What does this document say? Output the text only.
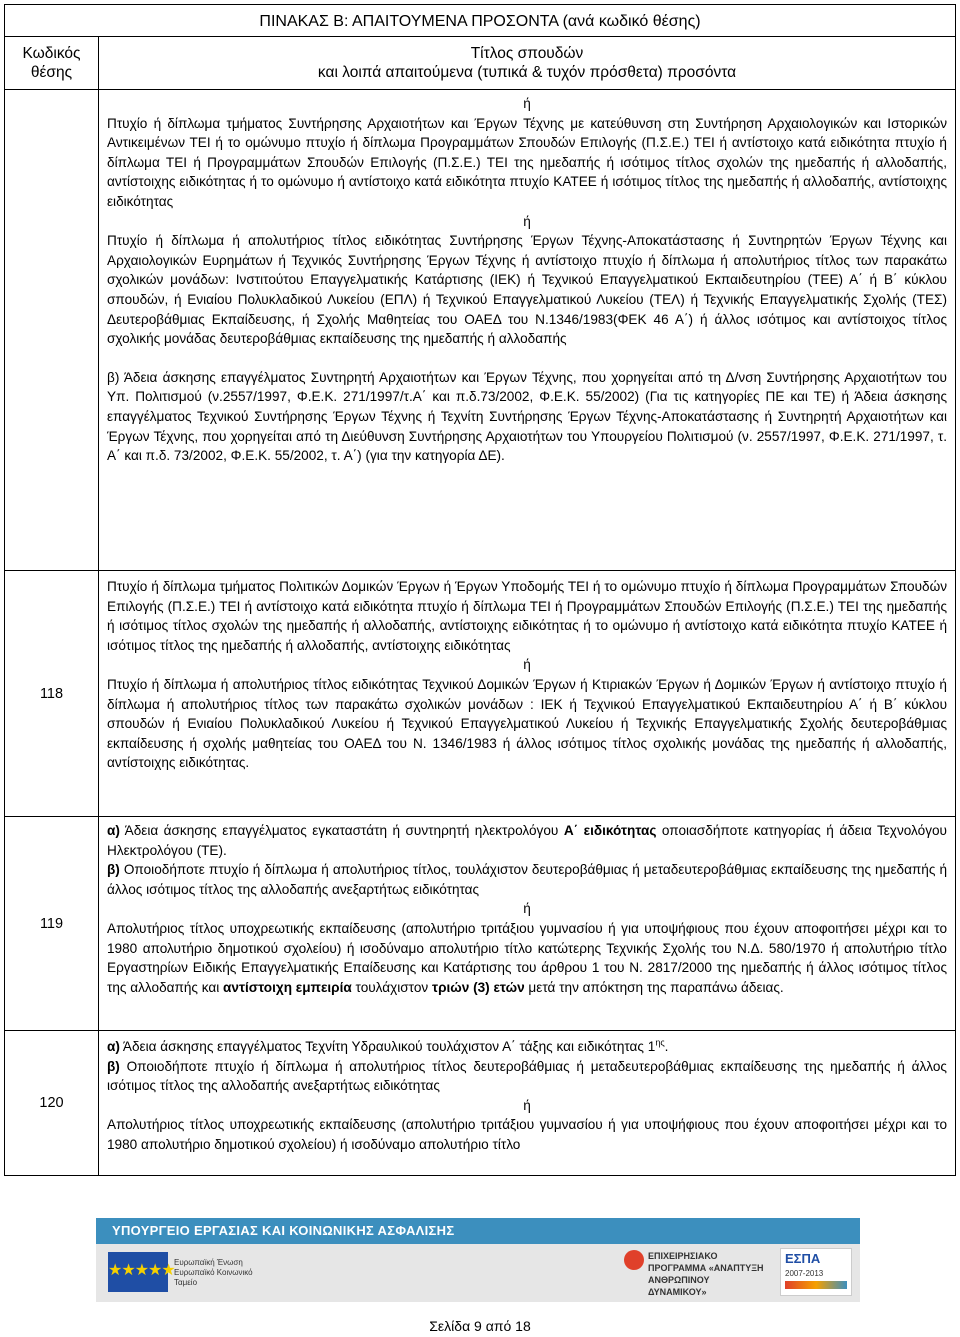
ΠΙΝΑΚΑΣ Β: ΑΠΑΙΤΟΥΜΕΝΑ ΠΡΟΣΟΝΤΑ (ανά κωδικό θέσης)	
Κωδικός
θέσης	Τίτλος σπουδών
και λοιπά απαιτούμενα (τυπικά & τυχόν πρόσθετα) προσόντα

	ή

Πτυχίο ή δίπλωμα τμήματος Συντήρησης Αρχαιοτήτων και Έργων Τέχνης με κατεύθυνση στη Συντήρηση Αρχαιολογικών και Ιστορικών Αντικειμένων ΤΕΙ ή το ομώνυμο πτυχίο ή δίπλωμα Προγραμμάτων Σπουδών Επιλογής (Π.Σ.Ε.) ΤΕΙ ή αντίστοιχο κατά ειδικότητα πτυχίο ή δίπλωμα ΤΕΙ ή Προγραμμάτων Σπουδών Επιλογής (Π.Σ.Ε.) ΤΕΙ της ημεδαπής ή ισότιμος τίτλος σχολών της ημεδαπής ή αλλοδαπής, αντίστοιχης ειδικότητας ή το ομώνυμο ή αντίστοιχο κατά ειδικότητα πτυχίο ΚΑΤΕΕ ή ισότιμος τίτλος της ημεδαπής ή αλλοδαπής, αντίστοιχης ειδικότητας

ή

Πτυχίο ή δίπλωμα ή απολυτήριος τίτλος ειδικότητας Συντήρησης Έργων Τέχνης-Αποκατάστασης ή Συντηρητών Έργων Τέχνης και Αρχαιολογικών Ευρημάτων ή Τεχνικός Συντήρησης Έργων Τέχνης ή αντίστοιχο πτυχίο ή δίπλωμα ή απολυτήριος τίτλος των παρακάτω σχολικών μονάδων: Ινστιτούτου Επαγγελματικής Κατάρτισης (ΙΕΚ) ή Τεχνικού Επαγγελματικού Εκπαιδευτηρίου (ΤΕΕ) Α΄ ή Β΄ κύκλου σπουδών, ή Ενιαίου Πολυκλαδικού Λυκείου (ΕΠΛ) ή Τεχνικού Επαγγελματικού Λυκείου (ΤΕΛ) ή Τεχνικής Επαγγελματικής Σχολής (ΤΕΣ) Δευτεροβάθμιας Εκπαίδευσης, ή Σχολής Μαθητείας του ΟΑΕΔ του Ν.1346/1983(ΦΕΚ 46 Α΄) ή άλλος ισότιμος και αντίστοιχος τίτλος σχολικής μονάδας δευτεροβάθμιας εκπαίδευσης της ημεδαπής ή αλλοδαπής

β) Άδεια άσκησης επαγγέλματος Συντηρητή Αρχαιοτήτων και Έργων Τέχνης, που χορηγείται από τη Δ/νση Συντήρησης Αρχαιοτήτων του Υπ. Πολιτισμού (ν.2557/1997, Φ.Ε.Κ. 271/1997/τ.Α΄ και π.δ.73/2002, Φ.Ε.Κ. 55/2002) (Για τις κατηγορίες ΠΕ και ΤΕ) ή Άδεια άσκησης επαγγέλματος Τεχνικού Συντήρησης Έργων Τέχνης ή Τεχνίτη Συντήρησης Έργων Τέχνης-Αποκατάστασης ή Συντηρητή Αρχαιοτήτων και Έργων Τέχνης, που χορηγείται από τη Διεύθυνση Συντήρησης Αρχαιοτήτων του Υπουργείου Πολιτισμού (ν. 2557/1997, Φ.Ε.Κ. 271/1997, τ. Α΄ και π.δ. 73/2002, Φ.Ε.Κ. 55/2002, τ. Α΄) (για την κατηγορία ΔΕ).

118	Πτυχίο ή δίπλωμα τμήματος Πολιτικών Δομικών Έργων ή Έργων Υποδομής ΤΕΙ ή το ομώνυμο πτυχίο ή δίπλωμα Προγραμμάτων Σπουδών Επιλογής (Π.Σ.Ε.) ΤΕΙ ή αντίστοιχο κατά ειδικότητα πτυχίο ή δίπλωμα ΤΕΙ ή Προγραμμάτων Σπουδών Επιλογής (Π.Σ.Ε.) ΤΕΙ της ημεδαπής ή ισότιμος τίτλος σχολών της ημεδαπής ή αλλοδαπής, αντίστοιχης ειδικότητας ή το ομώνυμο ή αντίστοιχο κατά ειδικότητα πτυχίο ΚΑΤΕΕ ή ισότιμος τίτλος της ημεδαπής ή αλλοδαπής, αντίστοιχης ειδικότητας

ή

Πτυχίο ή δίπλωμα ή απολυτήριος τίτλος ειδικότητας Τεχνικού Δομικών Έργων ή Κτιριακών Έργων ή Δομικών Έργων ή αντίστοιχο πτυχίο ή δίπλωμα ή απολυτήριος τίτλος των παρακάτω σχολικών μονάδων : ΙΕΚ ή Τεχνικού Επαγγελματικού Εκπαιδευτηρίου Α΄ ή Β΄ κύκλου σπουδών ή Ενιαίου Πολυκλαδικού Λυκείου ή Τεχνικού Επαγγελματικού Λυκείου ή Τεχνικής Επαγγελματικής Σχολής δευτεροβάθμιας εκπαίδευσης ή σχολής μαθητείας του ΟΑΕΔ του Ν. 1346/1983 ή άλλος ισότιμος τίτλος σχολικής μονάδας της ημεδαπής ή αλλοδαπής, αντίστοιχης ειδικότητας.

119	α) Άδεια άσκησης επαγγέλματος εγκαταστάτη ή συντηρητή ηλεκτρολόγου Α΄ ειδικότητας οποιασδήποτε κατηγορίας ή άδεια Τεχνολόγου Ηλεκτρολόγου (ΤΕ).

β) Οποιοδήποτε πτυχίο ή δίπλωμα ή απολυτήριος τίτλος, τουλάχιστον δευτεροβάθμιας ή μεταδευτεροβάθμιας εκπαίδευσης της ημεδαπής ή άλλος ισότιμος τίτλος της αλλοδαπής ανεξαρτήτως ειδικότητας

ή

Απολυτήριος τίτλος υποχρεωτικής εκπαίδευσης (απολυτήριο τριτάξιου γυμνασίου ή για υποψήφιους που έχουν αποφοιτήσει μέχρι και το 1980 απολυτήριο δημοτικού σχολείου) ή ισοδύναμο απολυτήριο τίτλο κατώτερης Τεχνικής Σχολής του Ν.Δ. 580/1970 ή απολυτήριο τίτλο Εργαστηρίων Ειδικής Επαγγελματικής Επαίδευσης και Κατάρτισης του άρθρου 1 του Ν. 2817/2000 της ημεδαπής ή άλλος ισότιμος τίτλος της αλλοδαπής και αντίστοιχη εμπειρία τουλάχιστον τριών (3) ετών μετά την απόκτηση της παραπάνω άδειας.

120	α) Άδεια άσκησης επαγγέλματος Τεχνίτη Υδραυλικού τουλάχιστον Α΄ τάξης και ειδικότητας $1^{\eta\varsigma}$.

β) Οποιοδήποτε πτυχίο ή δίπλωμα ή απολυτήριος τίτλος δευτεροβάθμιας ή μεταδευτεροβάθμιας εκπαίδευσης της ημεδαπής ή άλλος ισότιμος τίτλος της αλλοδαπής ανεξαρτήτως ειδικότητας

ή

Απολυτήριος τίτλος υποχρεωτικής εκπαίδευσης (απολυτήριο τριτάξιου γυμνασίου ή για υποψήφιους που έχουν αποφοιτήσει μέχρι και το 1980 απολυτήριο δημοτικού σχολείου) ή ισοδύναμο απολυτήριο τίτλο

ΥΠΟΥΡΓΕΙΟ ΕΡΓΑΣΙΑΣ ΚΑΙ ΚΟΙΝΩΝΙΚΗΣ ΑΣΦΑΛΙΣΗΣ
★★★★★ Ευρωπαϊκή Ένωση Ευρωπαϊκό Κοινωνικό Ταμείο
ΕΠΙΧΕΙΡΗΣΙΑΚΟ ΠΡΟΓΡΑΜΜΑ «ΑΝΑΠΤΥΞΗ ΑΝΘΡΩΠΙΝΟΥ ΔΥΝΑΜΙΚΟΥ»
ΕΣΠΑ
2007-2013
Σελίδα 9 από 18
